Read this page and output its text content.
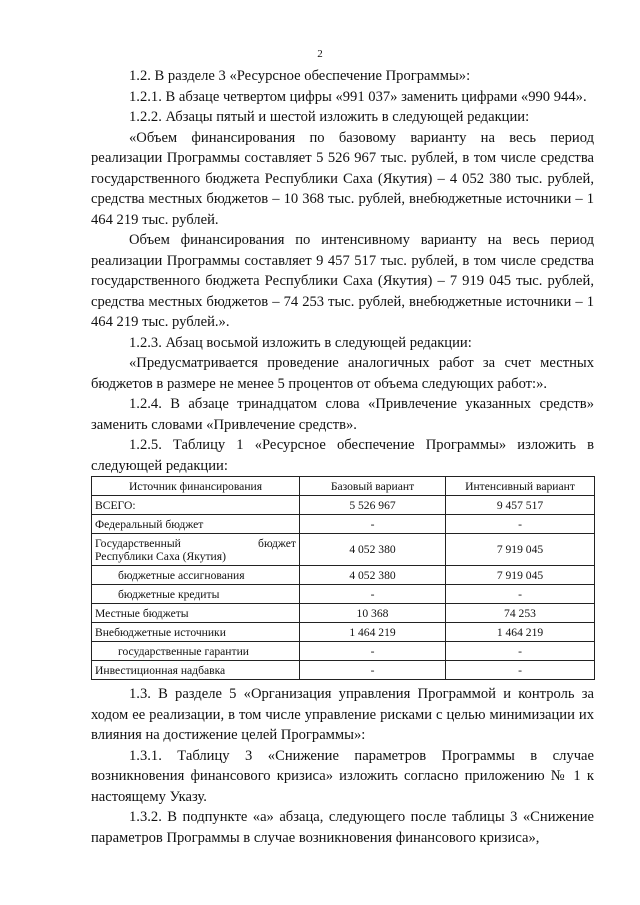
2

1.2. В разделе 3 «Ресурсное обеспечение Программы»:

1.2.1. В абзаце четвертом цифры «991 037» заменить цифрами «990 944».

1.2.2. Абзацы пятый и шестой изложить в следующей редакции:

«Объем финансирования по базовому варианту на весь период реализации Программы составляет 5 526 967 тыс. рублей, в том числе средства государственного бюджета Республики Саха (Якутия) – 4 052 380 тыс. рублей, средства местных бюджетов – 10 368 тыс. рублей, внебюджетные источники – 1 464 219 тыс. рублей.

Объем финансирования по интенсивному варианту на весь период реализации Программы составляет 9 457 517 тыс. рублей, в том числе средства государственного бюджета Республики Саха (Якутия) – 7 919 045 тыс. рублей, средства местных бюджетов – 74 253 тыс. рублей, внебюджетные источники – 1 464 219 тыс. рублей.».

1.2.3. Абзац восьмой изложить в следующей редакции:

«Предусматривается проведение аналогичных работ за счет местных бюджетов в размере не менее 5 процентов от объема следующих работ:».

1.2.4. В абзаце тринадцатом слова «Привлечение указанных средств» заменить словами «Привлечение средств».

1.2.5. Таблицу 1 «Ресурсное обеспечение Программы» изложить в следующей редакции:

Источник финансирования	Базовый вариант	Интенсивный вариант
ВСЕГО:	5 526 967	9 457 517
Федеральный бюджет	-	-

Государственный бюджет
Республики Саха (Якутия)	4 052 380	7 919 045
бюджетные ассигнования	4 052 380	7 919 045
бюджетные кредиты	-	-
Местные бюджеты	10 368	74 253
Внебюджетные источники	1 464 219	1 464 219
государственные гарантии	-	-
Инвестиционная надбавка	-	-

1.3. В разделе 5 «Организация управления Программой и контроль за ходом ее реализации, в том числе управление рисками с целью минимизации их влияния на достижение целей Программы»:

1.3.1. Таблицу 3 «Снижение параметров Программы в случае возникновения финансового кризиса» изложить согласно приложению № 1 к настоящему Указу.

1.3.2. В подпункте «а» абзаца, следующего после таблицы 3 «Снижение параметров Программы в случае возникновения финансового кризиса»,
